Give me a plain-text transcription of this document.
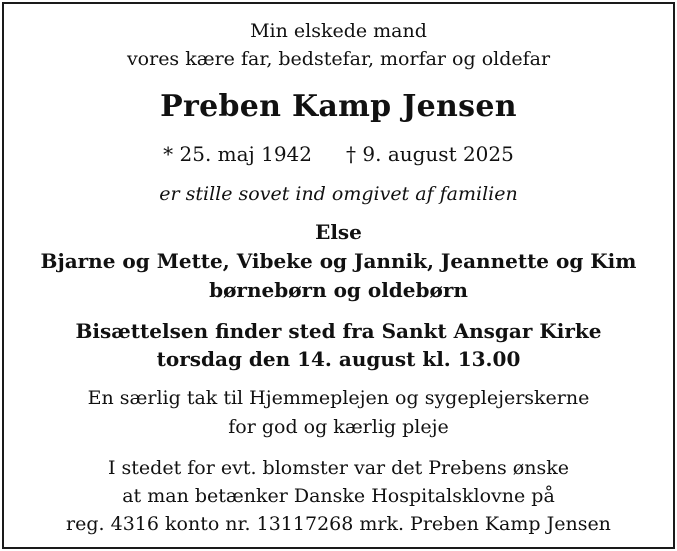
Min elskede mand
vores kære far, bedstefar, morfar og oldefar
Preben Kamp Jensen
* 25. maj 1942 † 9. august 2025
er stille sovet ind omgivet af familien
Else
Bjarne og Mette, Vibeke og Jannik, Jeannette og Kim
børnebørn og oldebørn
Bisættelsen finder sted fra Sankt Ansgar Kirke
torsdag den 14. august kl. 13.00
En særlig tak til Hjemmeplejen og sygeplejerskerne
for god og kærlig pleje
I stedet for evt. blomster var det Prebens ønske
at man betænker Danske Hospitalsklovne på
reg. 4316 konto nr. 13117268 mrk. Preben Kamp Jensen
